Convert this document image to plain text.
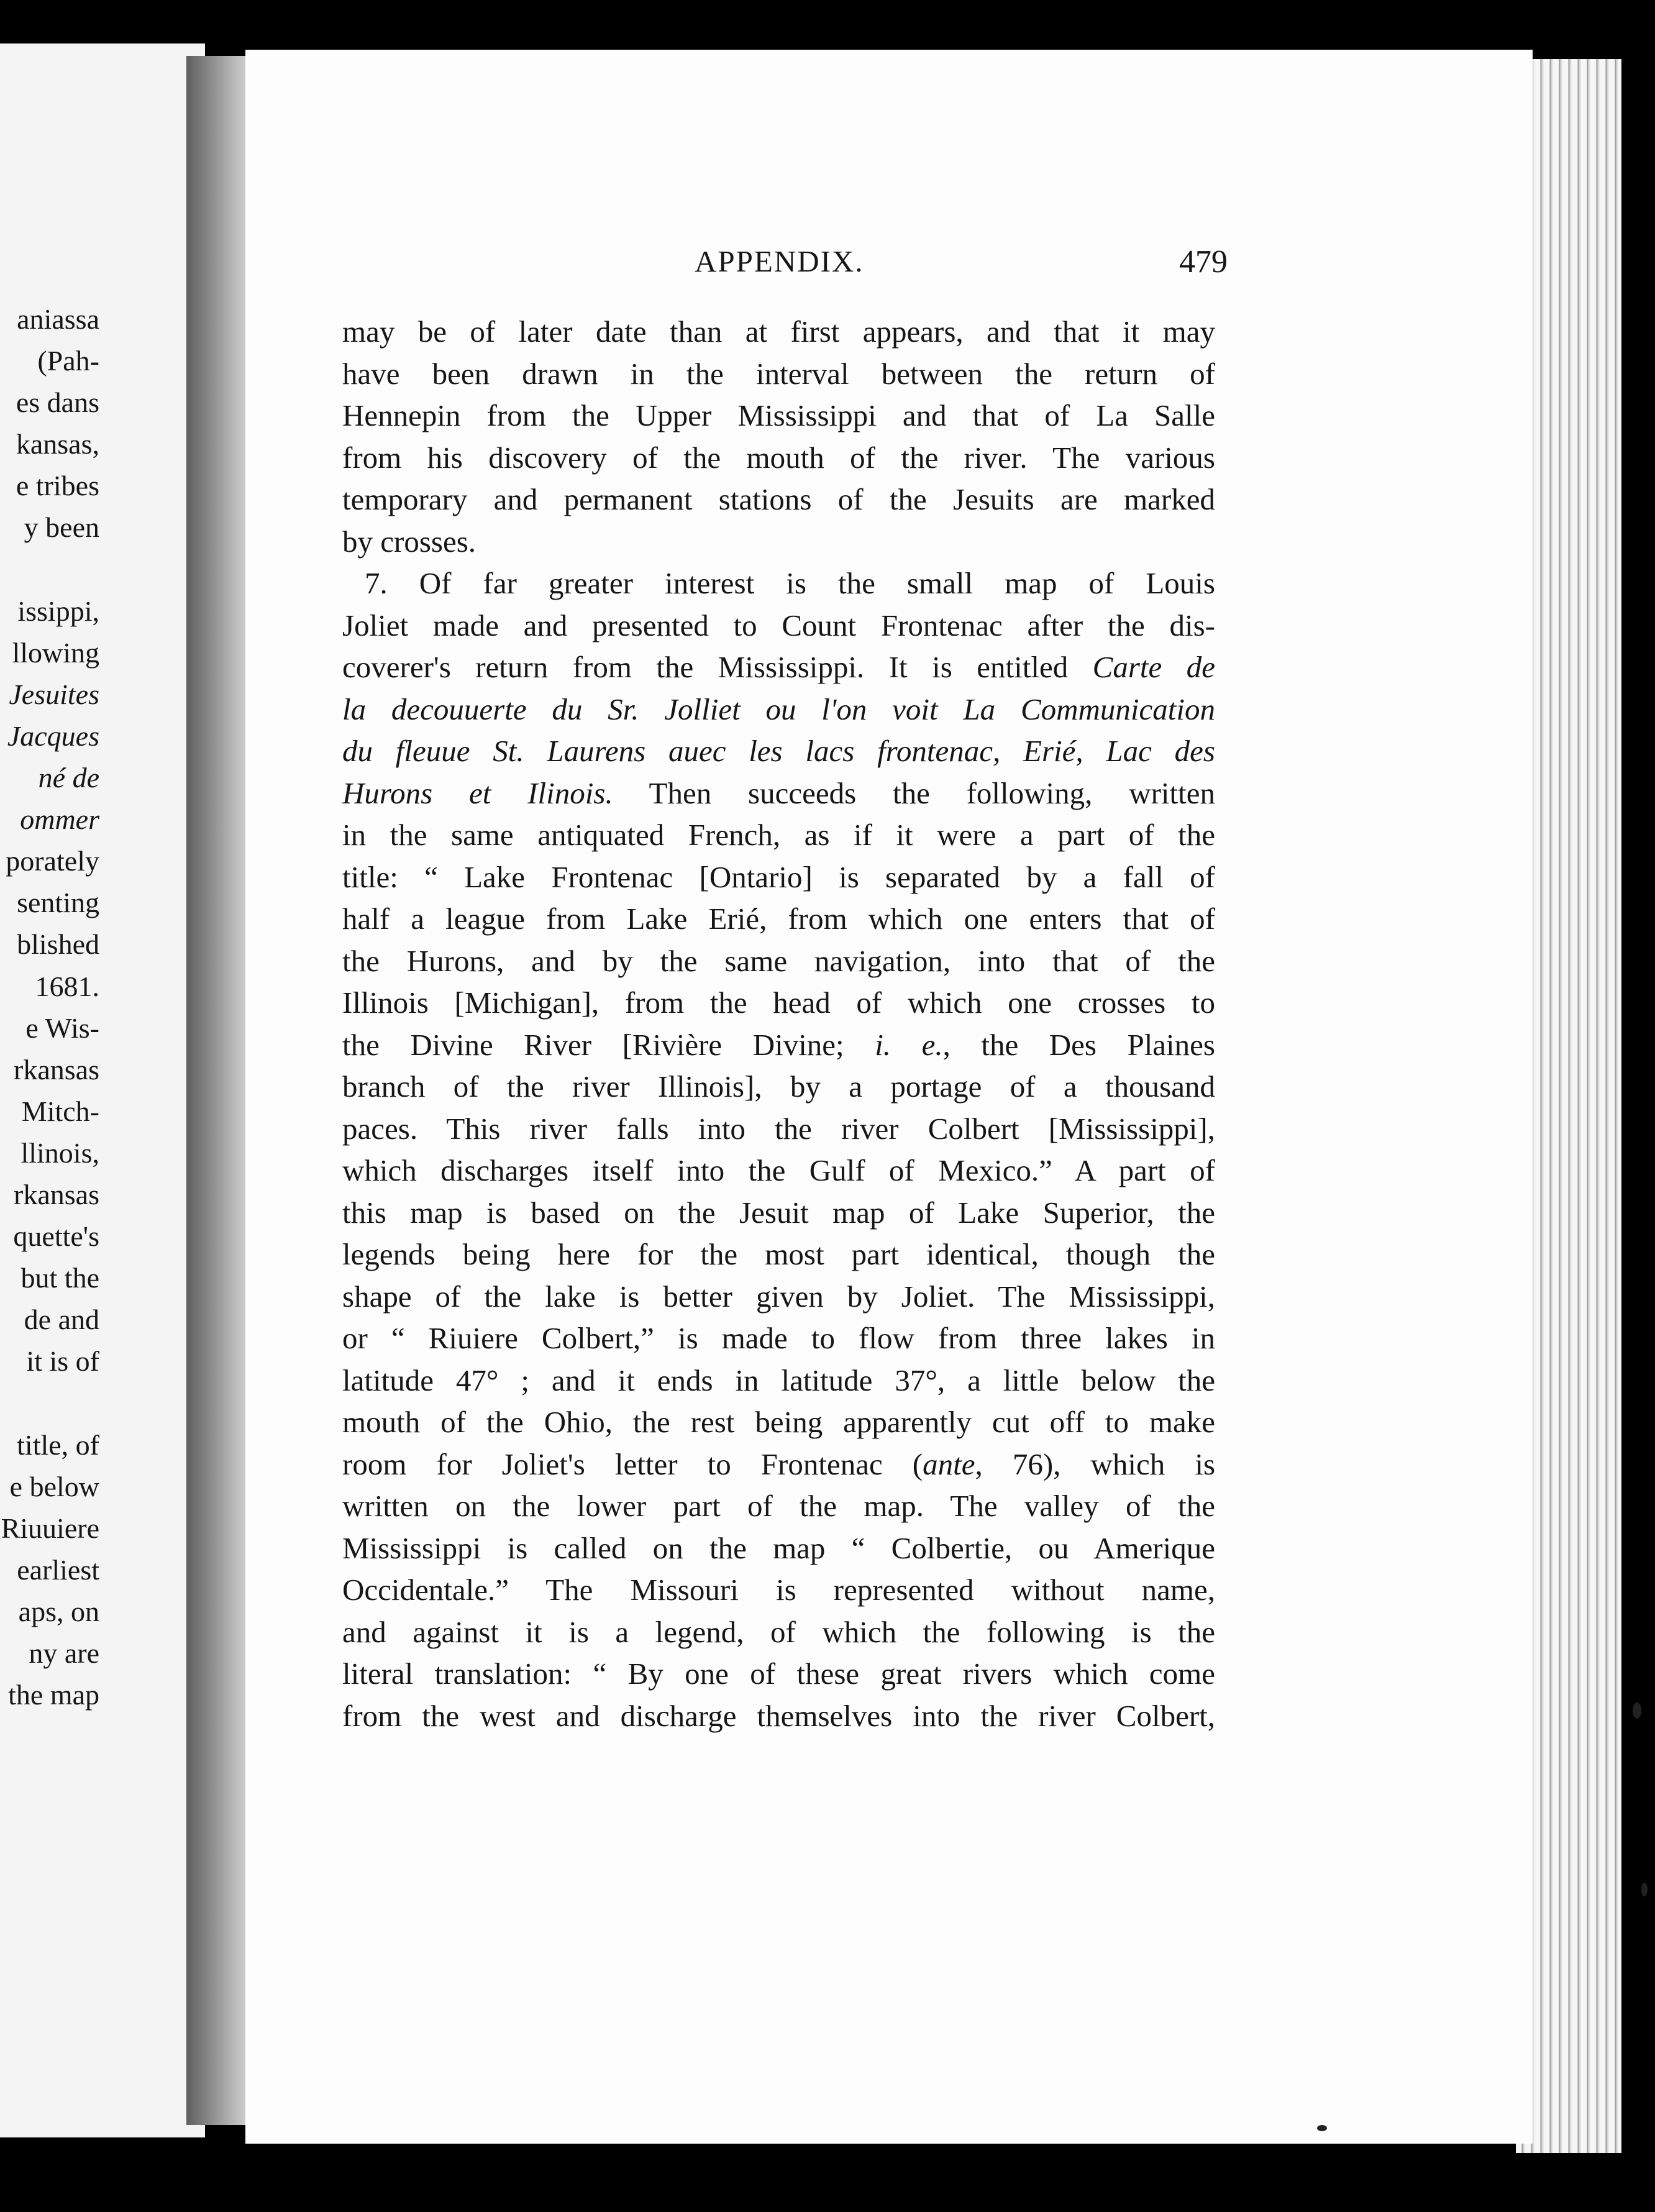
aniassa
(Pah-
es dans
kansas,
e tribes
y been

issippi,
llowing
Jesuites
Jacques
né de
ommer
porately
senting
blished
1681.
e Wis-
rkansas
Mitch-
llinois,
rkansas
quette's
but the
de and
it is of

title, of
e below
Riuuiere
earliest
aps, on
ny are
the map
APPENDIX.	479
may be of later date than at first appears, and that it may
have been drawn in the interval between the return of
Hennepin from the Upper Mississippi and that of La Salle
from his discovery of the mouth of the river. The various
temporary and permanent stations of the Jesuits are marked
by crosses.
7. Of far greater interest is the small map of Louis
Joliet made and presented to Count Frontenac after the dis-
coverer's return from the Mississippi. It is entitled Carte de
la decouuerte du Sr. Jolliet ou l'on voit La Communication
du fleuue St. Laurens auec les lacs frontenac, Erié, Lac des
Hurons et Ilinois. Then succeeds the following, written
in the same antiquated French, as if it were a part of the
title: “ Lake Frontenac [Ontario] is separated by a fall of
half a league from Lake Erié, from which one enters that of
the Hurons, and by the same navigation, into that of the
Illinois [Michigan], from the head of which one crosses to
the Divine River [Rivière Divine; i. e., the Des Plaines
branch of the river Illinois], by a portage of a thousand
paces. This river falls into the river Colbert [Mississippi],
which discharges itself into the Gulf of Mexico.” A part of
this map is based on the Jesuit map of Lake Superior, the
legends being here for the most part identical, though the
shape of the lake is better given by Joliet. The Mississippi,
or “ Riuiere Colbert,” is made to flow from three lakes in
latitude 47° ; and it ends in latitude 37°, a little below the
mouth of the Ohio, the rest being apparently cut off to make
room for Joliet's letter to Frontenac (ante, 76), which is
written on the lower part of the map. The valley of the
Mississippi is called on the map “ Colbertie, ou Amerique
Occidentale.” The Missouri is represented without name,
and against it is a legend, of which the following is the
literal translation: “ By one of these great rivers which come
from the west and discharge themselves into the river Colbert,
